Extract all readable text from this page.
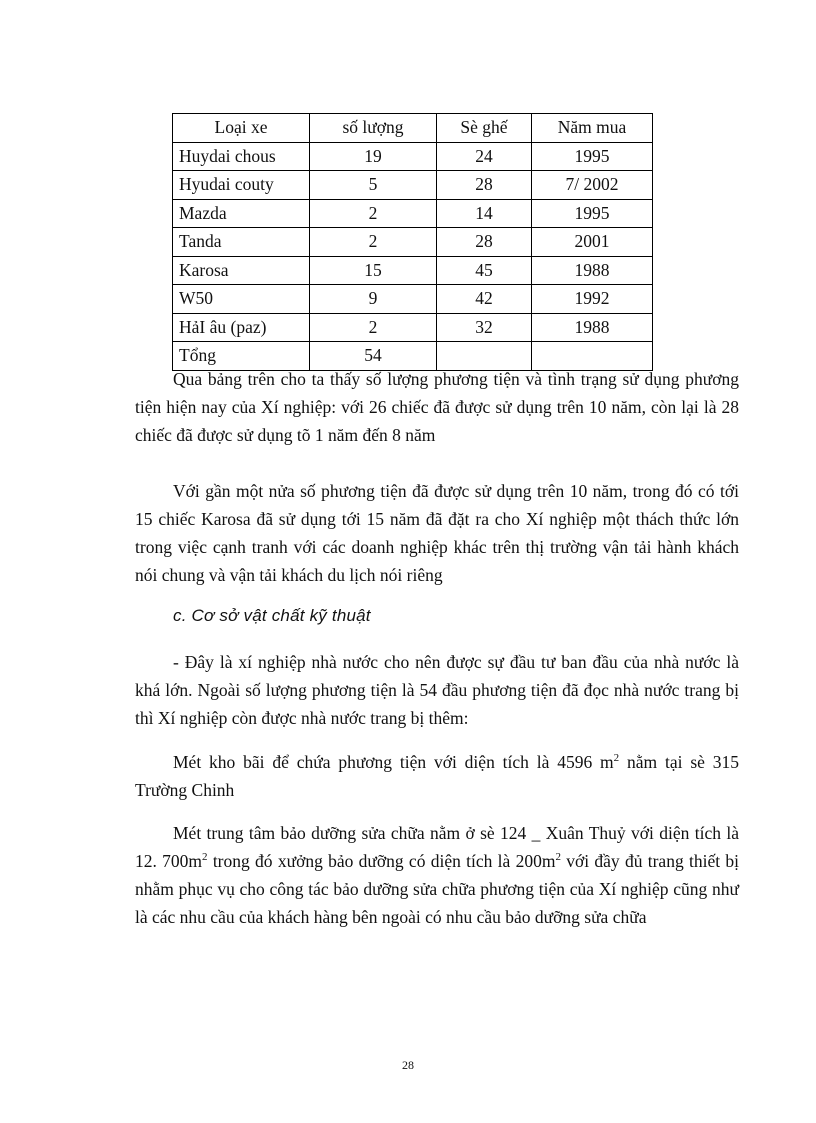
Loại xe	số lượng	Sè ghế	Năm mua
Huydai chous	19	24	1995
Hyudai couty	5	28	7/ 2002
Mazda	2	14	1995
Tanda	2	28	2001
Karosa	15	45	1988
W50	9	42	1992
HảI âu (paz)	2	32	1988
Tổng	54		

Qua bảng trên cho ta thấy số lượng phương tiện và tình trạng sử dụng phương tiện hiện nay của Xí nghiệp: với 26 chiếc đã được sử dụng trên 10 năm, còn lại là 28 chiếc đã được sử dụng tõ 1 năm đến 8 năm

Với gần một nửa số phương tiện đã được sử dụng trên 10 năm, trong đó có tới 15 chiếc Karosa đã sử dụng tới 15 năm đã đặt ra cho Xí nghiệp một thách thức lớn trong việc cạnh tranh với các doanh nghiệp khác trên thị trường vận tải hành khách nói chung và vận tải khách du lịch nói riêng

c. Cơ sở vật chất kỹ thuật

- Đây là xí nghiệp nhà nước cho nên được sự đầu tư ban đầu của nhà nước là khá lớn. Ngoài số lượng phương tiện là 54 đầu phương tiện đã đọc nhà nước trang bị thì Xí nghiệp còn được nhà nước trang bị thêm:

Mét kho bãi để chứa phương tiện với diện tích là 4596 $m^2$ nằm tại sè 315 Trường Chinh

Mét trung tâm bảo dưỡng sửa chữa nằm ở sè 124 _ Xuân Thuỷ với diện tích là 12. $700m^2$ trong đó xưởng bảo dưỡng có diện tích là $200m^2$ với đầy đủ trang thiết bị nhằm phục vụ cho công tác bảo dưỡng sửa chữa phương tiện của Xí nghiệp cũng như là các nhu cầu của khách hàng bên ngoài có nhu cầu bảo dưỡng sửa chữa

28
